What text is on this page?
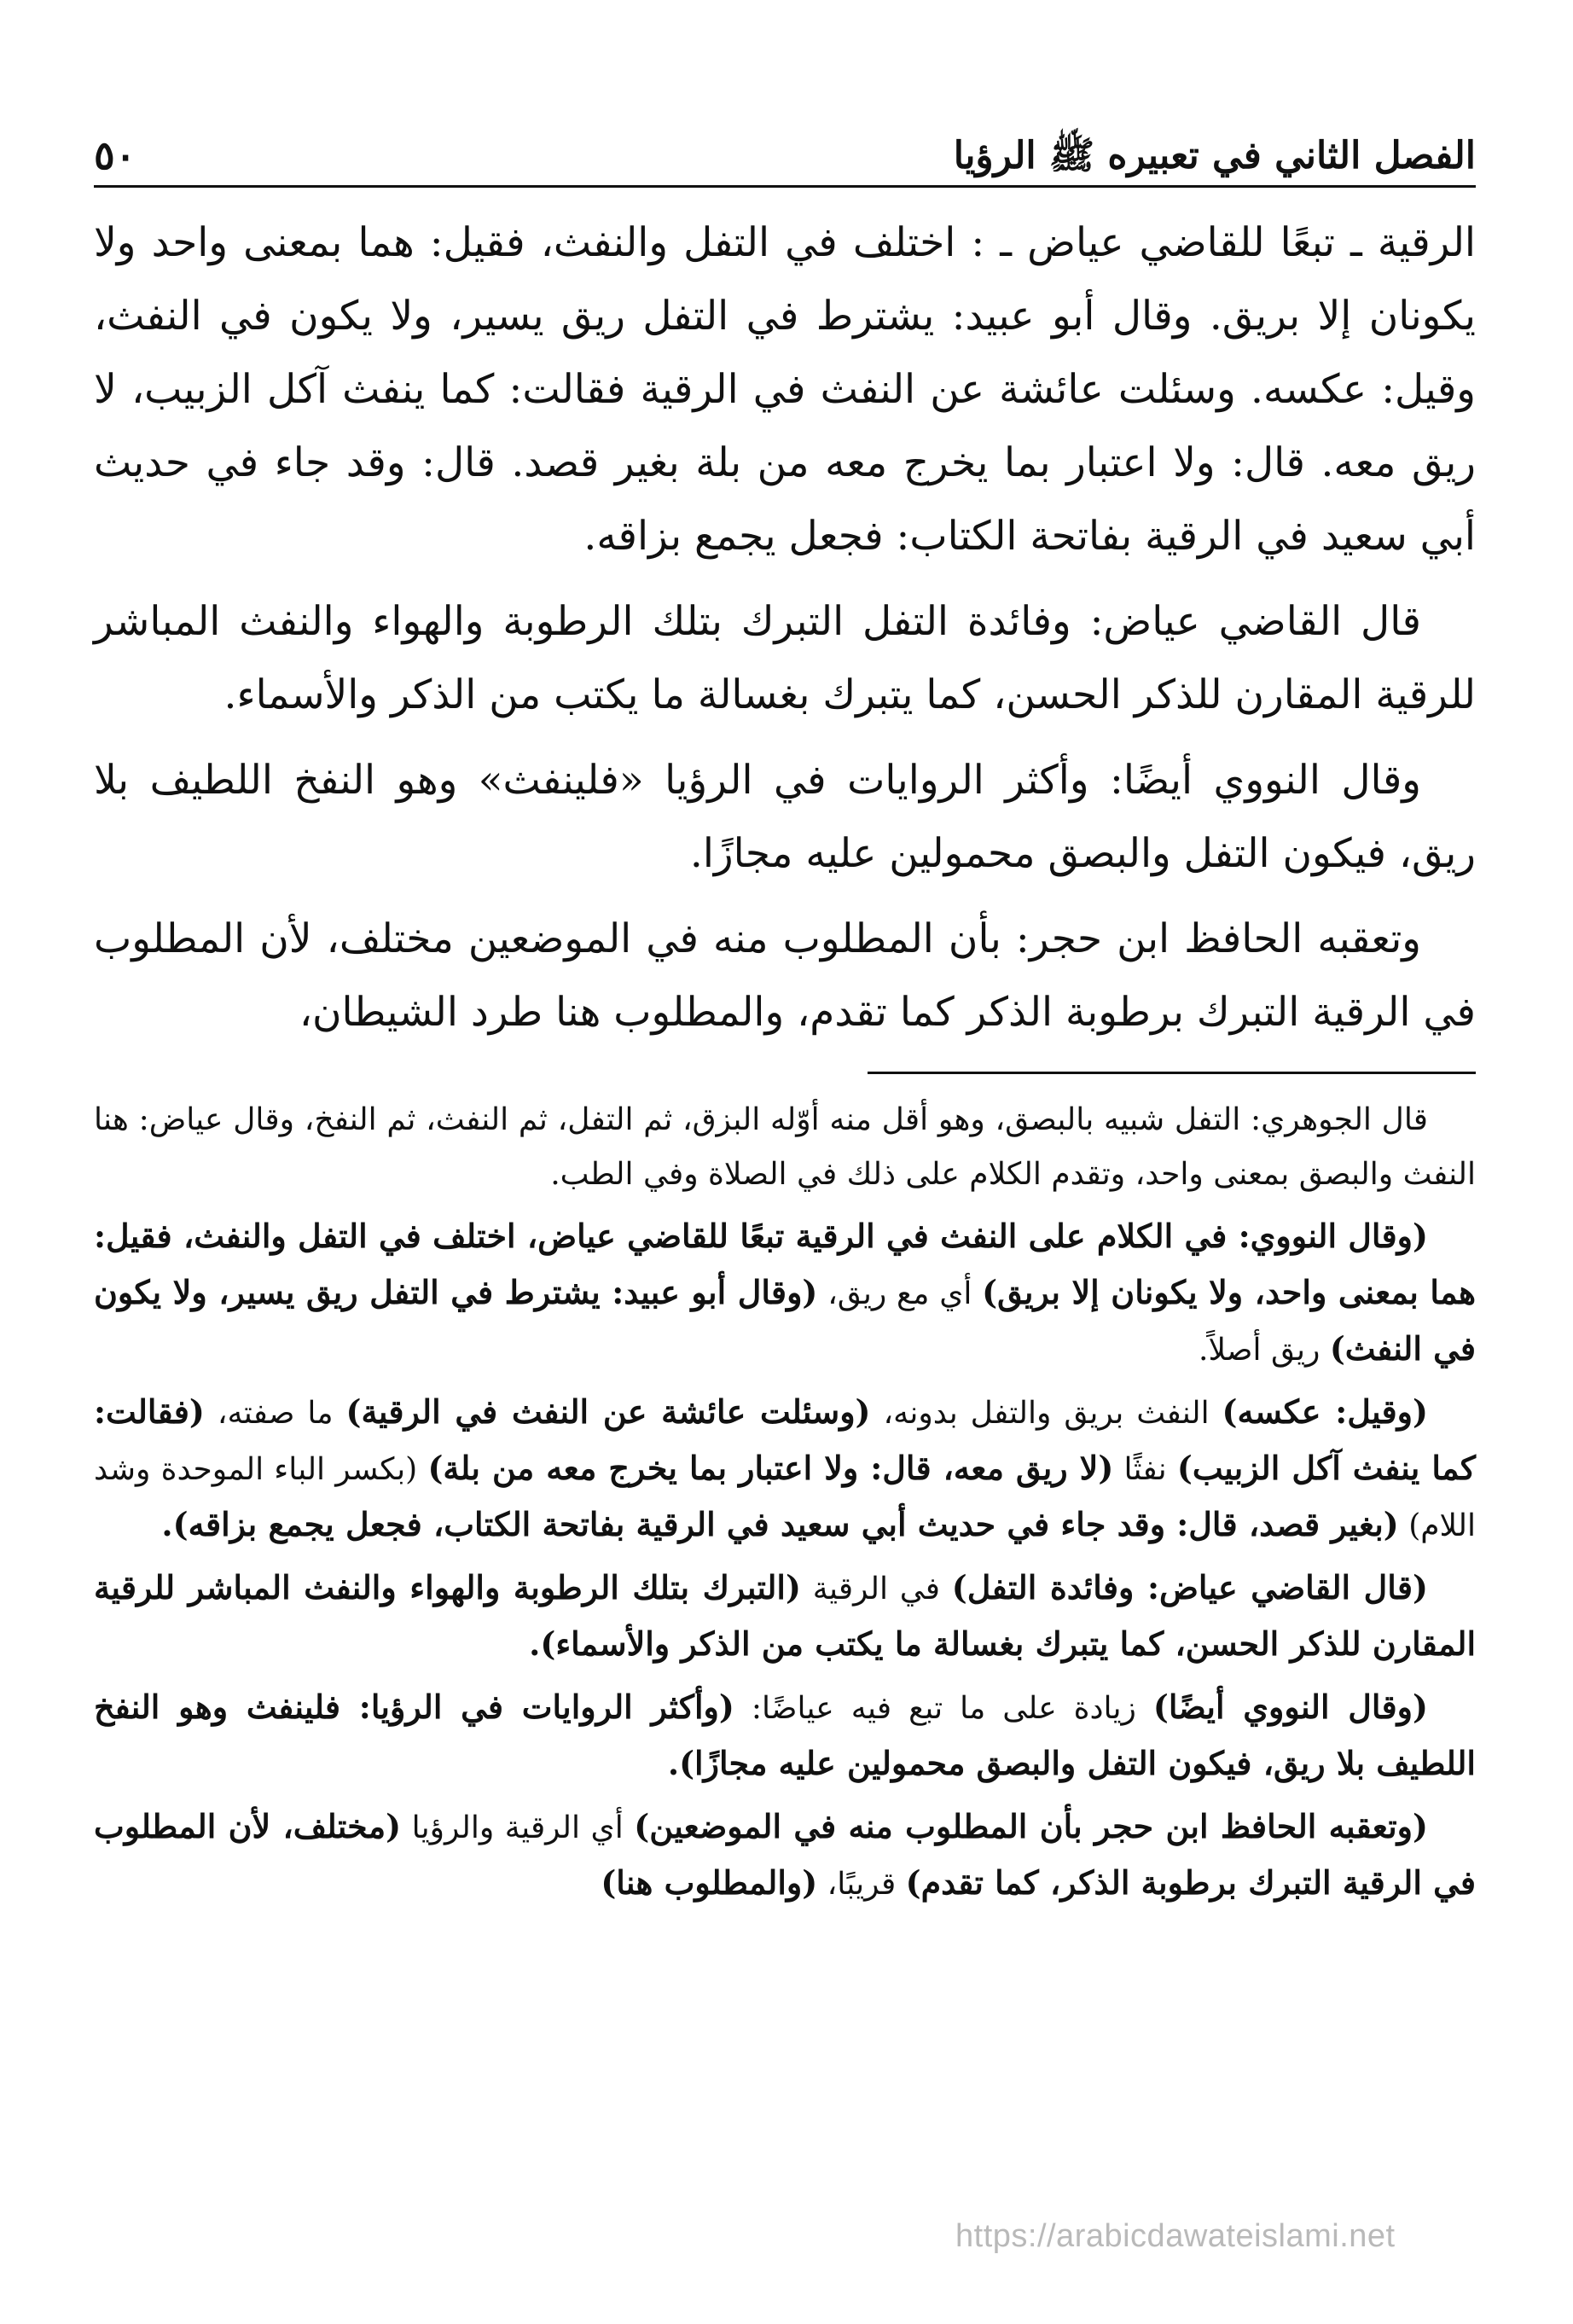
الفصل الثاني في تعبيره ﷺ الرؤيا
٥٠

الرقية ـ تبعًا للقاضي عياض ـ : اختلف في التفل والنفث، فقيل: هما بمعنى واحد ولا يكونان إلا بريق. وقال أبو عبيد: يشترط في التفل ريق يسير، ولا يكون في النفث، وقيل: عكسه. وسئلت عائشة عن النفث في الرقية فقالت: كما ينفث آكل الزبيب، لا ريق معه. قال: ولا اعتبار بما يخرج معه من بلة بغير قصد. قال: وقد جاء في حديث أبي سعيد في الرقية بفاتحة الكتاب: فجعل يجمع بزاقه.

قال القاضي عياض: وفائدة التفل التبرك بتلك الرطوبة والهواء والنفث المباشر للرقية المقارن للذكر الحسن، كما يتبرك بغسالة ما يكتب من الذكر والأسماء.

وقال النووي أيضًا: وأكثر الروايات في الرؤيا «فلينفث» وهو النفخ اللطيف بلا ريق، فيكون التفل والبصق محمولين عليه مجازًا.

وتعقبه الحافظ ابن حجر: بأن المطلوب منه في الموضعين مختلف، لأن المطلوب في الرقية التبرك برطوبة الذكر كما تقدم، والمطلوب هنا طرد الشيطان،

قال الجوهري: التفل شبيه بالبصق، وهو أقل منه أوّله البزق، ثم التفل، ثم النفث، ثم النفخ، وقال عياض: هنا النفث والبصق بمعنى واحد، وتقدم الكلام على ذلك في الصلاة وفي الطب.

(وقال النووي: في الكلام على النفث في الرقية تبعًا للقاضي عياض، اختلف في التفل والنفث، فقيل: هما بمعنى واحد، ولا يكونان إلا بريق) أي مع ريق، (وقال أبو عبيد: يشترط في التفل ريق يسير، ولا يكون في النفث) ريق أصلاً.

(وقيل: عكسه) النفث بريق والتفل بدونه، (وسئلت عائشة عن النفث في الرقية) ما صفته، (فقالت: كما ينفث آكل الزبيب) نفثًا (لا ريق معه، قال: ولا اعتبار بما يخرج معه من بلة) (بكسر الباء الموحدة وشد اللام) (بغير قصد، قال: وقد جاء في حديث أبي سعيد في الرقية بفاتحة الكتاب، فجعل يجمع بزاقه).

(قال القاضي عياض: وفائدة التفل) في الرقية (التبرك بتلك الرطوبة والهواء والنفث المباشر للرقية المقارن للذكر الحسن، كما يتبرك بغسالة ما يكتب من الذكر والأسماء).

(وقال النووي أيضًا) زيادة على ما تبع فيه عياضًا: (وأكثر الروايات في الرؤيا: فلينفث وهو النفخ اللطيف بلا ريق، فيكون التفل والبصق محمولين عليه مجازًا).

(وتعقبه الحافظ ابن حجر بأن المطلوب منه في الموضعين) أي الرقية والرؤيا (مختلف، لأن المطلوب في الرقية التبرك برطوبة الذكر، كما تقدم) قريبًا، (والمطلوب هنا)

https://arabicdawateislami.net
